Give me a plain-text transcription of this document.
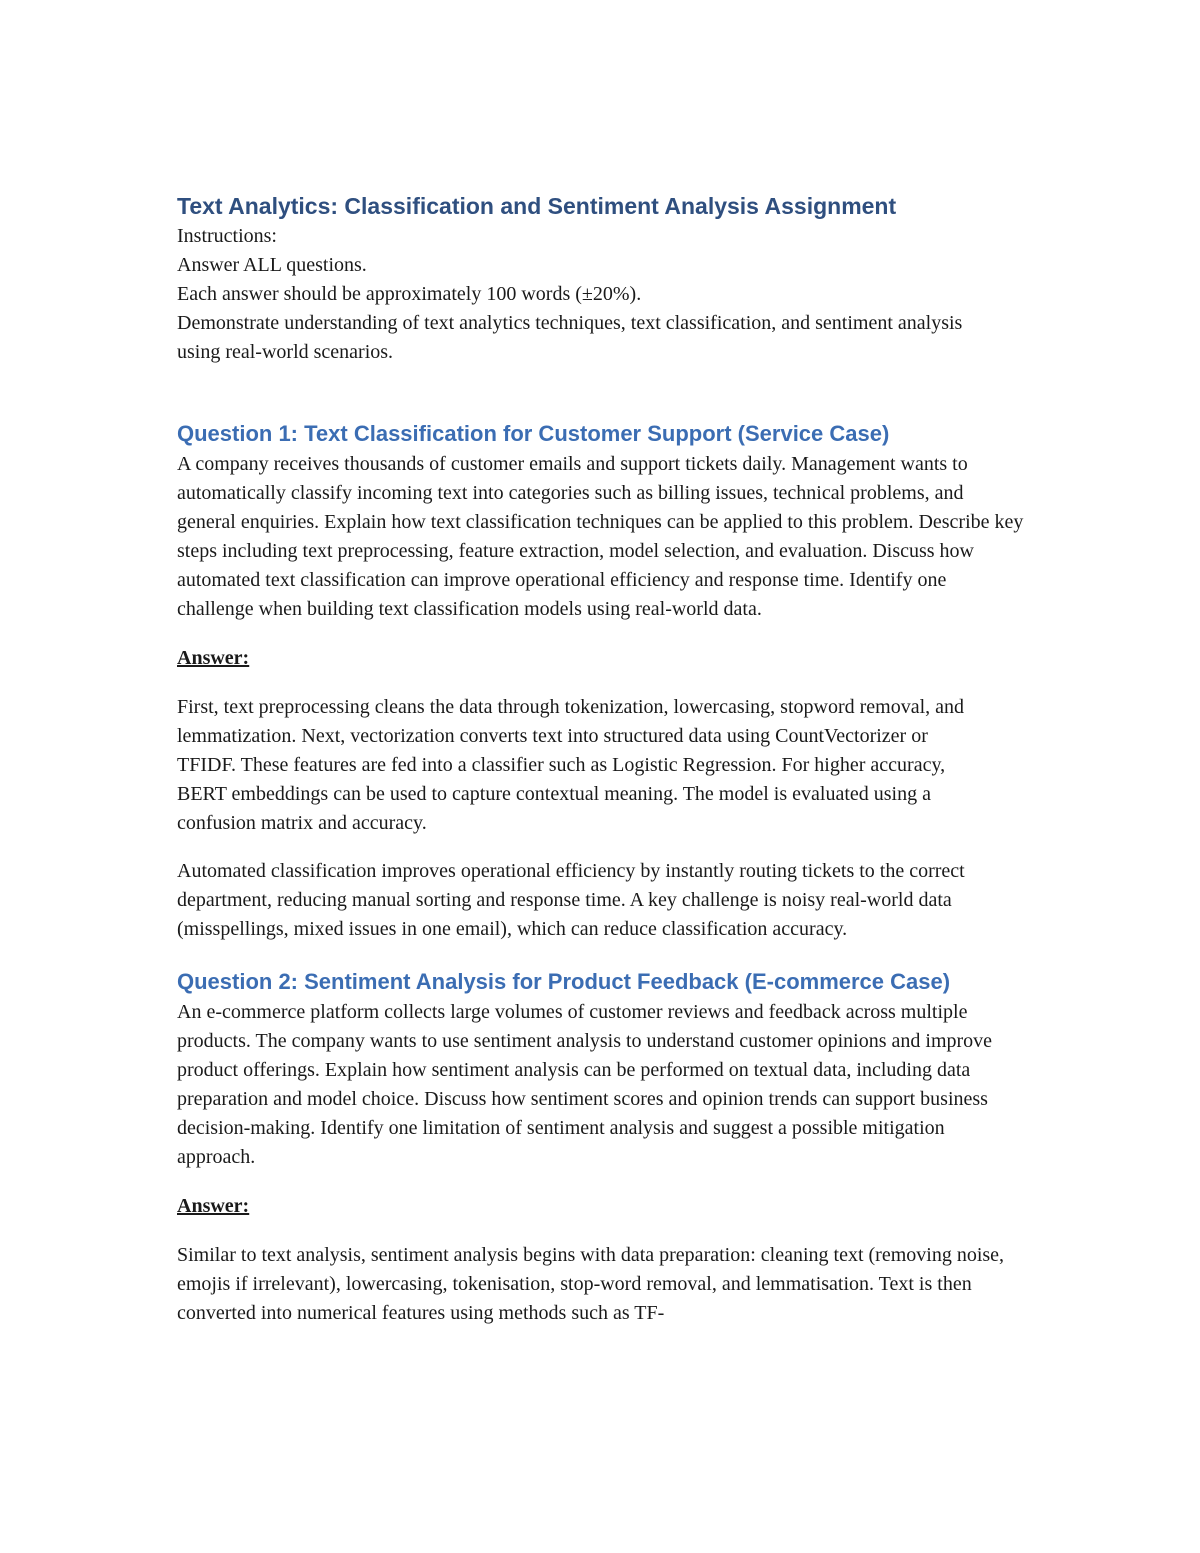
Text Analytics: Classification and Sentiment Analysis Assignment

Instructions:

Answer ALL questions.

Each answer should be approximately 100 words (±20%).

Demonstrate understanding of text analytics techniques, text classification, and sentiment analysis using real-world scenarios.

Question 1: Text Classification for Customer Support (Service Case)

A company receives thousands of customer emails and support tickets daily. Management wants to automatically classify incoming text into categories such as billing issues, technical problems, and general enquiries. Explain how text classification techniques can be applied to this problem. Describe key steps including text preprocessing, feature extraction, model selection, and evaluation. Discuss how automated text classification can improve operational efficiency and response time. Identify one challenge when building text classification models using real-world data.

Answer:

First, text preprocessing cleans the data through tokenization, lowercasing, stopword removal, and lemmatization. Next, vectorization converts text into structured data using CountVectorizer or TFIDF. These features are fed into a classifier such as Logistic Regression. For higher accuracy, BERT embeddings can be used to capture contextual meaning. The model is evaluated using a confusion matrix and accuracy.

Automated classification improves operational efficiency by instantly routing tickets to the correct department, reducing manual sorting and response time. A key challenge is noisy real-world data (misspellings, mixed issues in one email), which can reduce classification accuracy.

Question 2: Sentiment Analysis for Product Feedback (E-commerce Case)

An e-commerce platform collects large volumes of customer reviews and feedback across multiple products. The company wants to use sentiment analysis to understand customer opinions and improve product offerings. Explain how sentiment analysis can be performed on textual data, including data preparation and model choice. Discuss how sentiment scores and opinion trends can support business decision-making. Identify one limitation of sentiment analysis and suggest a possible mitigation approach.

Answer:

Similar to text analysis, sentiment analysis begins with data preparation: cleaning text (removing noise, emojis if irrelevant), lowercasing, tokenisation, stop-word removal, and lemmatisation. Text is then converted into numerical features using methods such as TF-
